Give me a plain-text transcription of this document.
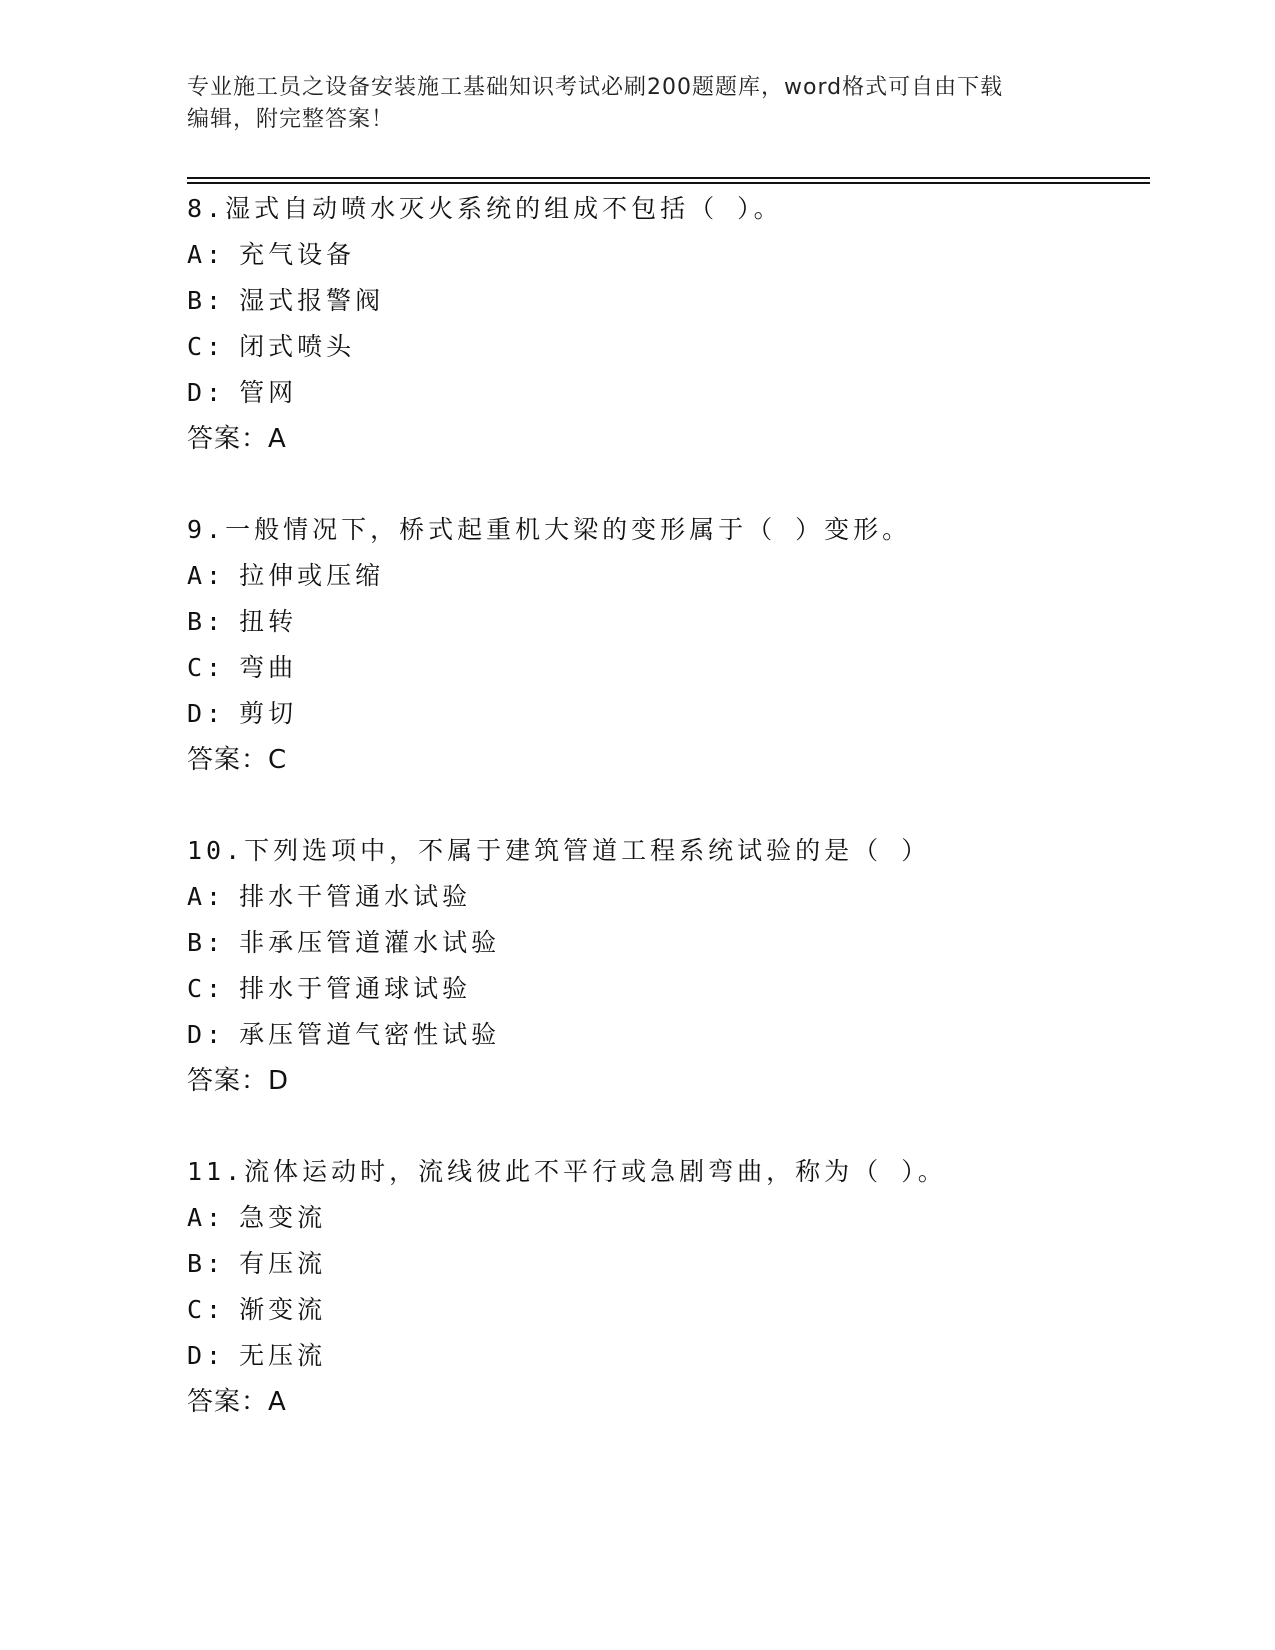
专业施工员之设备安装施工基础知识考试必刷200题题库，word格式可自由下载
编辑，附完整答案！
8.湿式自动喷水灭火系统的组成不包括（ ）。
A: 充气设备
B: 湿式报警阀
C: 闭式喷头
D: 管网
答案：A
9.一般情况下，桥式起重机大梁的变形属于（ ）变形。
A: 拉伸或压缩
B: 扭转
C: 弯曲
D: 剪切
答案：C
10.下列选项中，不属于建筑管道工程系统试验的是（ ）
A: 排水干管通水试验
B: 非承压管道灌水试验
C: 排水于管通球试验
D: 承压管道气密性试验
答案：D
11.流体运动时，流线彼此不平行或急剧弯曲，称为（ ）。
A: 急变流
B: 有压流
C: 渐变流
D: 无压流
答案：A
